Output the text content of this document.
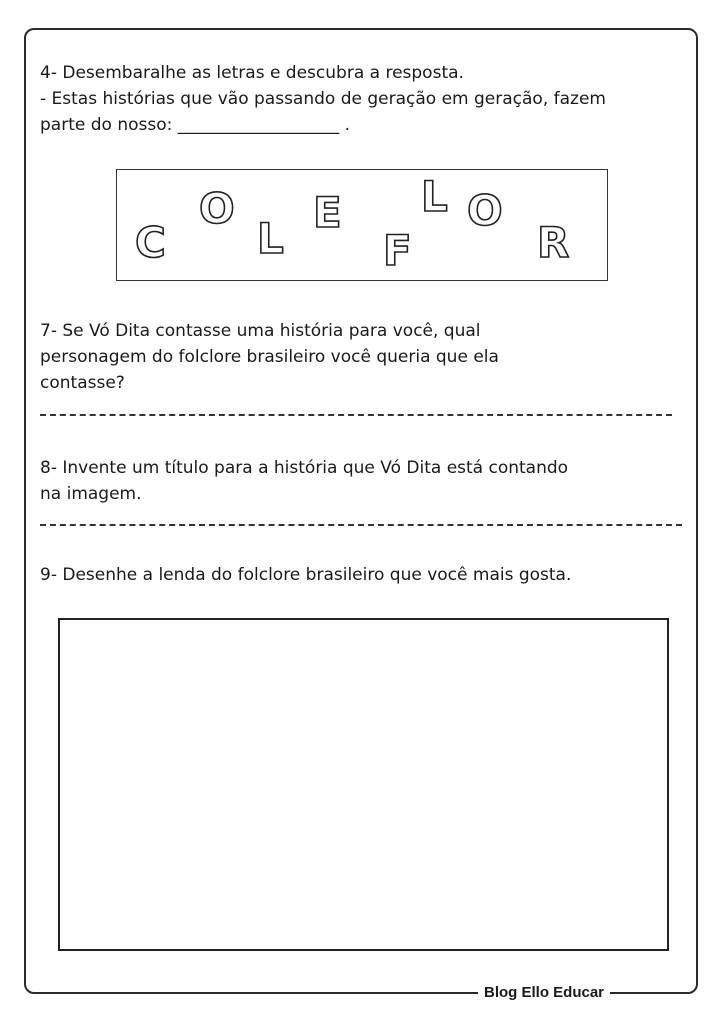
Blog Ello Educar
4- Desembaralhe as letras e descubra a resposta.
- Estas histórias que vão passando de geração em geração, fazem
parte do nosso: ___________________ .
C
O
L
E
F
L O
R
7- Se Vó Dita contasse uma história para você, qual
personagem do folclore brasileiro você queria que ela
contasse?
8- Invente um título para a história que Vó Dita está contando
na imagem.
9- Desenhe a lenda do folclore brasileiro que você mais gosta.
